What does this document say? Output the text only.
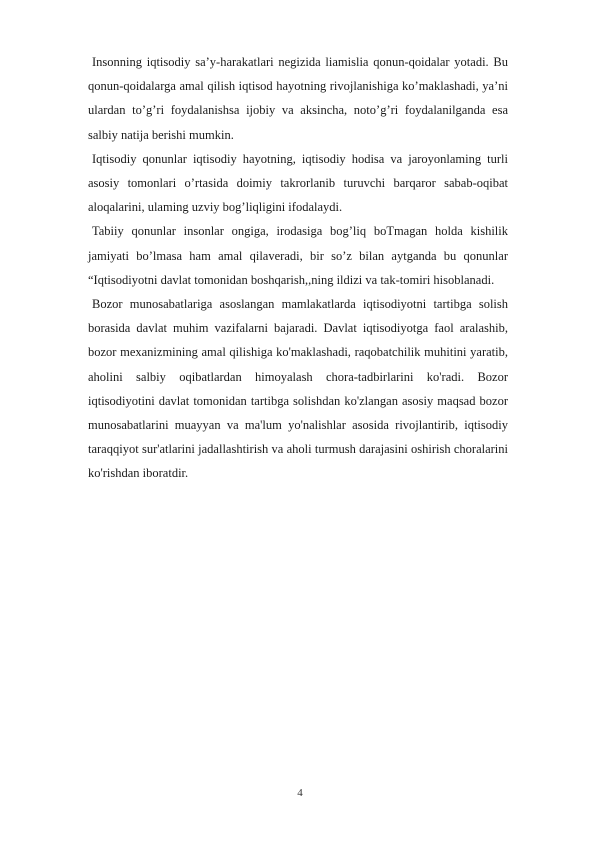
Insonning iqtisodiy sa’y-harakatlari negizida liamislia qonun-qoidalar yotadi. Bu qonun-qoidalarga amal qilish iqtisod hayotning rivojlanishiga ko’maklashadi, ya’ni ulardan to’g’ri foydalanishsa ijobiy va aksincha, noto’g’ri foydalanilganda esa salbiy natija berishi mumkin.

Iqtisodiy qonunlar iqtisodiy hayotning, iqtisodiy hodisa va jaroyonlaming turli asosiy tomonlari o’rtasida doimiy takrorlanib turuvchi barqaror sabab-oqibat aloqalarini, ulaming uzviy bog’liqligini ifodalaydi.

Tabiiy qonunlar insonlar ongiga, irodasiga bog’liq boTmagan holda kishilik jamiyati bo’lmasa ham amal qilaveradi, bir so’z bilan aytganda bu qonunlar “Iqtisodiyotni davlat tomonidan boshqarish,,ning ildizi va tak-tomiri hisoblanadi.

Bozor munosabatlariga asoslangan mamlakatlarda iqtisodiyotni tartibga solish borasida davlat muhim vazifalarni bajaradi. Davlat iqtisodiyotga faol aralashib, bozor mexanizmining amal qilishiga ko'maklashadi, raqobatchilik muhitini yaratib, aholini salbiy oqibatlardan himoyalash chora-tadbirlarini ko'radi. Bozor iqtisodiyotini davlat tomonidan tartibga solishdan ko'zlangan asosiy maqsad bozor munosabatlarini muayyan va ma'lum yo'nalishlar asosida rivojlantirib, iqtisodiy taraqqiyot sur'atlarini jadallashtirish va aholi turmush darajasini oshirish choralarini ko'rishdan iboratdir.

4
